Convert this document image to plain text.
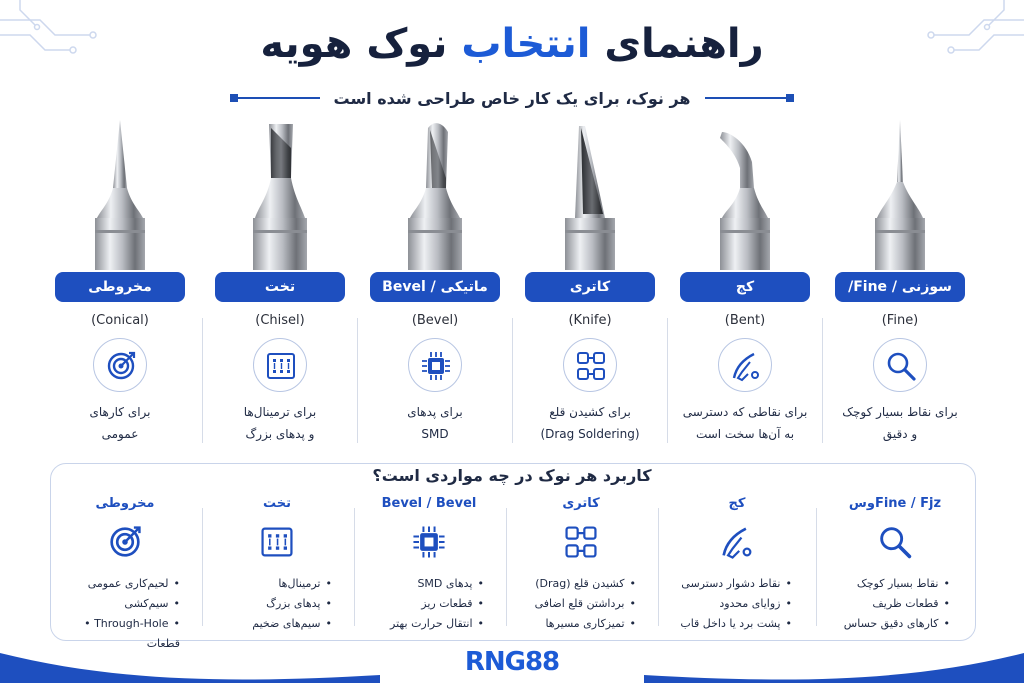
راهنمای انتخاب نوک هویه
هر نوک، برای یک کار خاص طراحی شده است
مخروطی
(Conical)
برای کارهای
عمومی
تخت
(Chisel)
برای ترمینال‌ها
و پدهای بزرگ
ماتیکی / Bevel
(Bevel)
برای پدهای
SMD
کاتری
(Knife)
برای کشیدن قلع
(Drag Soldering)
کج
(Bent)
برای نقاطی که دسترسی
به آن‌ها سخت است
سوزنی / Fine/
(Fine)
برای نقاط بسیار کوچک
و دقیق
کاربرد هر نوک در چه مواردی است؟
مخروطی
• لحیم‌کاری عمومی
• سیم‌کشی
• Through-Hole • قطعات
تخت
• ترمینال‌ها
• پدهای بزرگ
• سیم‌های ضخیم
Bevel / Bevel
• پدهای SMD
• قطعات ریز
• انتقال حرارت بهتر
کاتری
• کشیدن قلع (Drag)
• برداشتن قلع اضافی
• تمیزکاری مسیرها
کج
• نقاط دشوار دسترسی
• زوایای محدود
• پشت برد یا داخل قاب
Fine / Fjzوس
• نقاط بسیار کوچک
• قطعات ظریف
• کارهای دقیق حساس
RNG88
